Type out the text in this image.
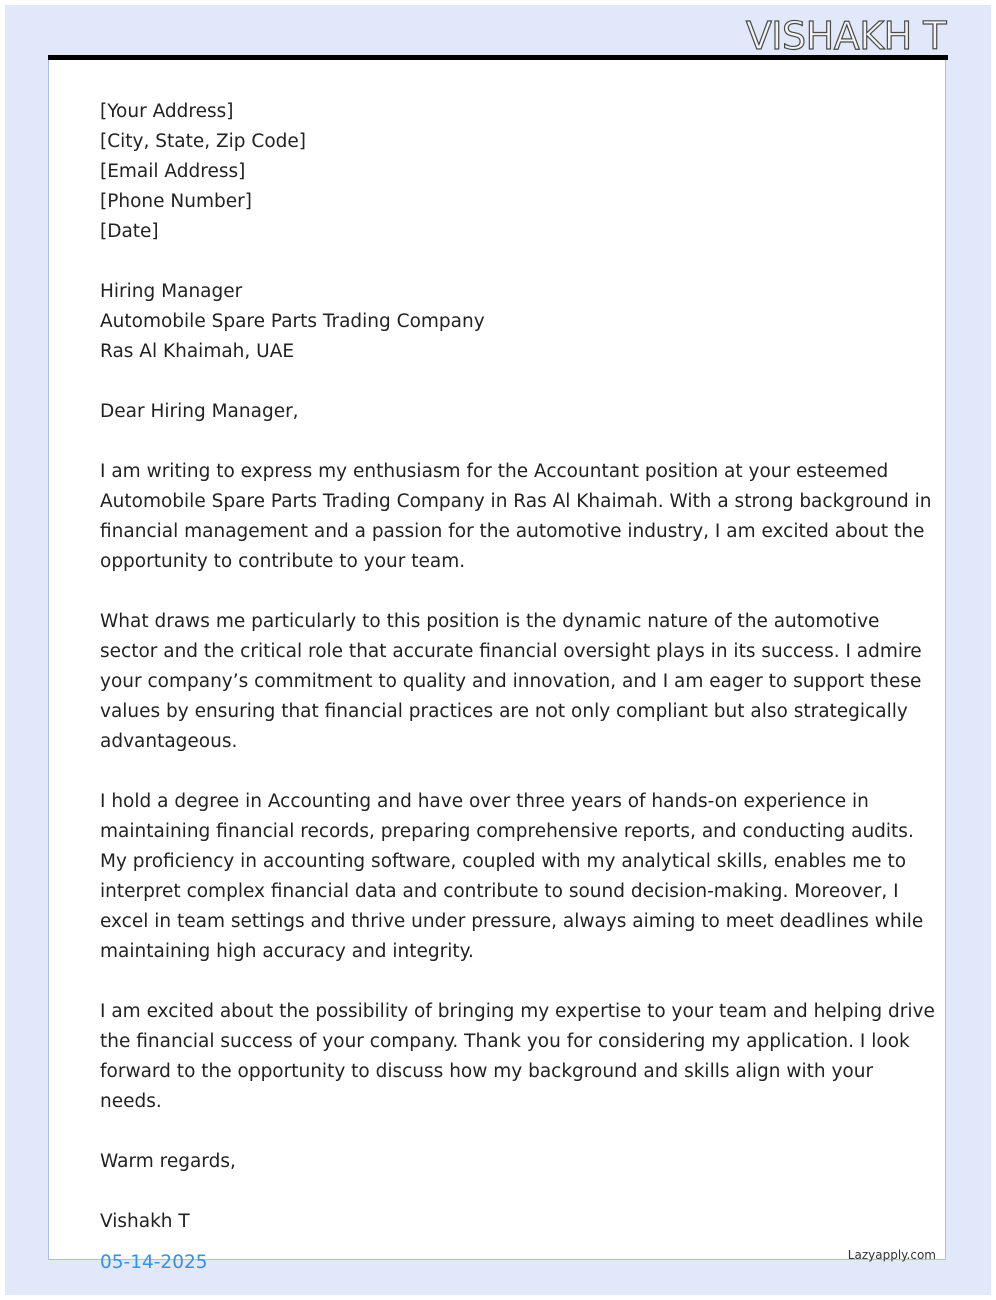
VISHAKH T

[Your Address]
[City, State, Zip Code]
[Email Address]
[Phone Number]
[Date]

Hiring Manager
Automobile Spare Parts Trading Company
Ras Al Khaimah, UAE

Dear Hiring Manager,

I am writing to express my enthusiasm for the Accountant position at your esteemed
Automobile Spare Parts Trading Company in Ras Al Khaimah. With a strong background in
financial management and a passion for the automotive industry, I am excited about the
opportunity to contribute to your team.

What draws me particularly to this position is the dynamic nature of the automotive
sector and the critical role that accurate financial oversight plays in its success. I admire
your company’s commitment to quality and innovation, and I am eager to support these
values by ensuring that financial practices are not only compliant but also strategically
advantageous.

I hold a degree in Accounting and have over three years of hands-on experience in
maintaining financial records, preparing comprehensive reports, and conducting audits.
My proficiency in accounting software, coupled with my analytical skills, enables me to
interpret complex financial data and contribute to sound decision-making. Moreover, I
excel in team settings and thrive under pressure, always aiming to meet deadlines while
maintaining high accuracy and integrity.

I am excited about the possibility of bringing my expertise to your team and helping drive
the financial success of your company. Thank you for considering my application. I look
forward to the opportunity to discuss how my background and skills align with your
needs.

Warm regards,

Vishakh T

05-14-2025	Lazyapply.com
